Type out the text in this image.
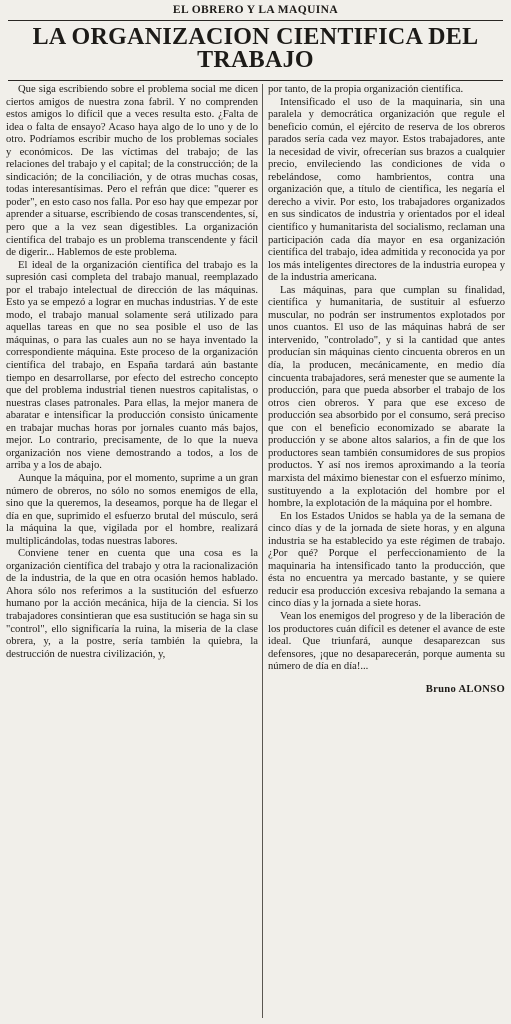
EL OBRERO Y LA MAQUINA
LA ORGANIZACION CIENTIFICA DEL
TRABAJO

Que siga escribiendo sobre el problema social me dicen ciertos amigos de nuestra zona fabril. Y no comprenden estos amigos lo difícil que a veces resulta esto. ¿Falta de idea o falta de ensayo? Acaso haya algo de lo uno y de lo otro. Podríamos escribir mucho de los problemas sociales y económicos. De las víctimas del trabajo; de las relaciones del trabajo y el capital; de la construcción; de la sindicación; de la conciliación, y de otras muchas cosas, todas interesantísimas. Pero el refrán que dice: "querer es poder", en esto caso nos falla. Por eso hay que empezar por aprender a situarse, escribiendo de cosas transcendentes, sí, pero que a la vez sean digestibles. La organización científica del trabajo es un problema transcendente y fácil de digerir... Hablemos de este problema.

El ideal de la organización científica del trabajo es la supresión casi completa del trabajo manual, reemplazado por el trabajo intelectual de dirección de las máquinas. Esto ya se empezó a lograr en muchas industrias. Y de este modo, el trabajo manual solamente será utilizado para aquellas tareas en que no sea posible el uso de las máquinas, o para las cuales aun no se haya inventado la correspondiente máquina. Este proceso de la organización científica del trabajo, en España tardará aún bastante tiempo en desarrollarse, por efecto del estrecho concepto que del problema industrial tienen nuestros capitalistas, o nuestras clases patronales. Para ellas, la mejor manera de abaratar e intensificar la producción consisto únicamente en trabajar muchas horas por jornales cuanto más bajos, mejor. Lo contrario, precisamente, de lo que la nueva organización nos viene demostrando a todos, a los de arriba y a los de abajo.

Aunque la máquina, por el momento, suprime a un gran número de obreros, no sólo no somos enemigos de ella, sino que la queremos, la deseamos, porque ha de llegar el día en que, suprimido el esfuerzo brutal del músculo, será la máquina la que, vigilada por el hombre, realizará multiplicándolas, todas nuestras labores.

Conviene tener en cuenta que una cosa es la organización científica del trabajo y otra la racionalización de la industria, de la que en otra ocasión hemos hablado. Ahora sólo nos referimos a la sustitución del esfuerzo humano por la acción mecánica, hija de la ciencia. Si los trabajadores consintieran que esa sustitución se haga sin su "control", ello significaría la ruina, la miseria de la clase obrera, y, a la postre, sería también la quiebra, la destrucción de nuestra civilización, y,

por tanto, de la propia organización científica.

Intensificado el uso de la maquinaria, sin una paralela y democrática organización que regule el beneficio común, el ejército de reserva de los obreros parados sería cada vez mayor. Estos trabajadores, ante la necesidad de vivir, ofrecerían sus brazos a cualquier precio, envileciendo las condiciones de vida o rebelándose, como hambrientos, contra una organización que, a título de científica, les negaría el derecho a vivir. Por esto, los trabajadores organizados en sus sindicatos de industria y orientados por el ideal científico y humanitarista del socialismo, reclaman una participación cada día mayor en esa organización científica del trabajo, idea admitida y reconocida ya por los más inteligentes directores de la industria europea y de la industria americana.

Las máquinas, para que cumplan su finalidad, científica y humanitaria, de sustituir al esfuerzo muscular, no podrán ser instrumentos explotados por unos cuantos. El uso de las máquinas habrá de ser intervenido, "controlado", y si la cantidad que antes producían sin máquinas ciento cincuenta obreros en un día, la producen, mecánicamente, en medio día cincuenta trabajadores, será menester que se aumente la producción, para que pueda absorber el trabajo de los otros cien obreros. Y para que ese exceso de producción sea absorbido por el consumo, será preciso que con el beneficio economizado se abarate la producción y se abone altos salarios, a fin de que los productores sean también consumidores de sus propios productos. Y así nos iremos aproximando a la teoría marxista del máximo bienestar con el esfuerzo mínimo, sustituyendo a la explotación del hombre por el hombre, la explotación de la máquina por el hombre.

En los Estados Unidos se habla ya de la semana de cinco días y de la jornada de siete horas, y en alguna industria se ha establecido ya este régimen de trabajo. ¿Por qué? Porque el perfeccionamiento de la maquinaria ha intensificado tanto la producción, que ésta no encuentra ya mercado bastante, y se quiere reducir esa producción excesiva rebajando la semana a cinco días y la jornada a siete horas.

Vean los enemigos del progreso y de la liberación de los productores cuán difícil es detener el avance de este ideal. Que triunfará, aunque desaparezcan sus defensores, ¡que no desaparecerán, porque aumenta su número de día en día!...

Bruno ALONSO
